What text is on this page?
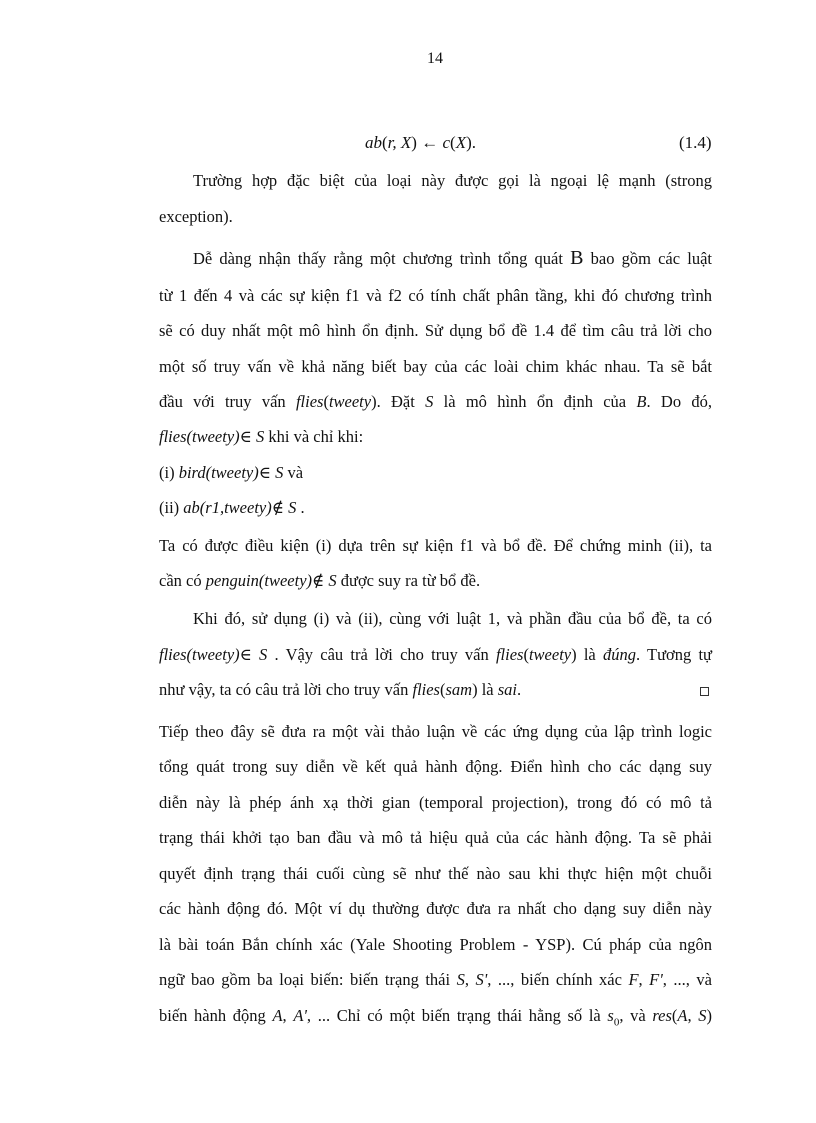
14
ab(r, X) ← c(X).	(1.4)
Trường hợp đặc biệt của loại này được gọi là ngoại lệ mạnh (strong
exception).
Dễ dàng nhận thấy rằng một chương trình tổng quát B bao gồm các luật
từ 1 đến 4 và các sự kiện f1 và f2 có tính chất phân tầng, khi đó chương trình
sẽ có duy nhất một mô hình ổn định. Sử dụng bổ đề 1.4 để tìm câu trả lời cho
một số truy vấn về khả năng biết bay của các loài chim khác nhau. Ta sẽ bắt
đầu với truy vấn flies(tweety). Đặt S là mô hình ổn định của B. Do đó,
flies(tweety)∈ S khi và chỉ khi:
(i) bird(tweety)∈ S và
(ii) ab(r1,tweety)∉ S .
Ta có được điều kiện (i) dựa trên sự kiện f1 và bổ đề. Để chứng minh (ii), ta
cần có penguin(tweety)∉ S được suy ra từ bổ đề.
Khi đó, sử dụng (i) và (ii), cùng với luật 1, và phần đầu của bổ đề, ta có
flies(tweety)∈ S . Vậy câu trả lời cho truy vấn flies(tweety) là đúng. Tương tự
như vậy, ta có câu trả lời cho truy vấn flies(sam) là sai.
Tiếp theo đây sẽ đưa ra một vài thảo luận về các ứng dụng của lập trình logic
tổng quát trong suy diễn về kết quả hành động. Điển hình cho các dạng suy
diễn này là phép ánh xạ thời gian (temporal projection), trong đó có mô tả
trạng thái khởi tạo ban đầu và mô tả hiệu quả của các hành động. Ta sẽ phải
quyết định trạng thái cuối cùng sẽ như thế nào sau khi thực hiện một chuỗi
các hành động đó. Một ví dụ thường được đưa ra nhất cho dạng suy diễn này
là bài toán Bắn chính xác (Yale Shooting Problem - YSP). Cú pháp của ngôn
ngữ bao gồm ba loại biến: biến trạng thái S, S', ..., biến chính xác F, F', ..., và
biến hành động A, A', ... Chỉ có một biến trạng thái hằng số là $s_0$, và res(A, S)
